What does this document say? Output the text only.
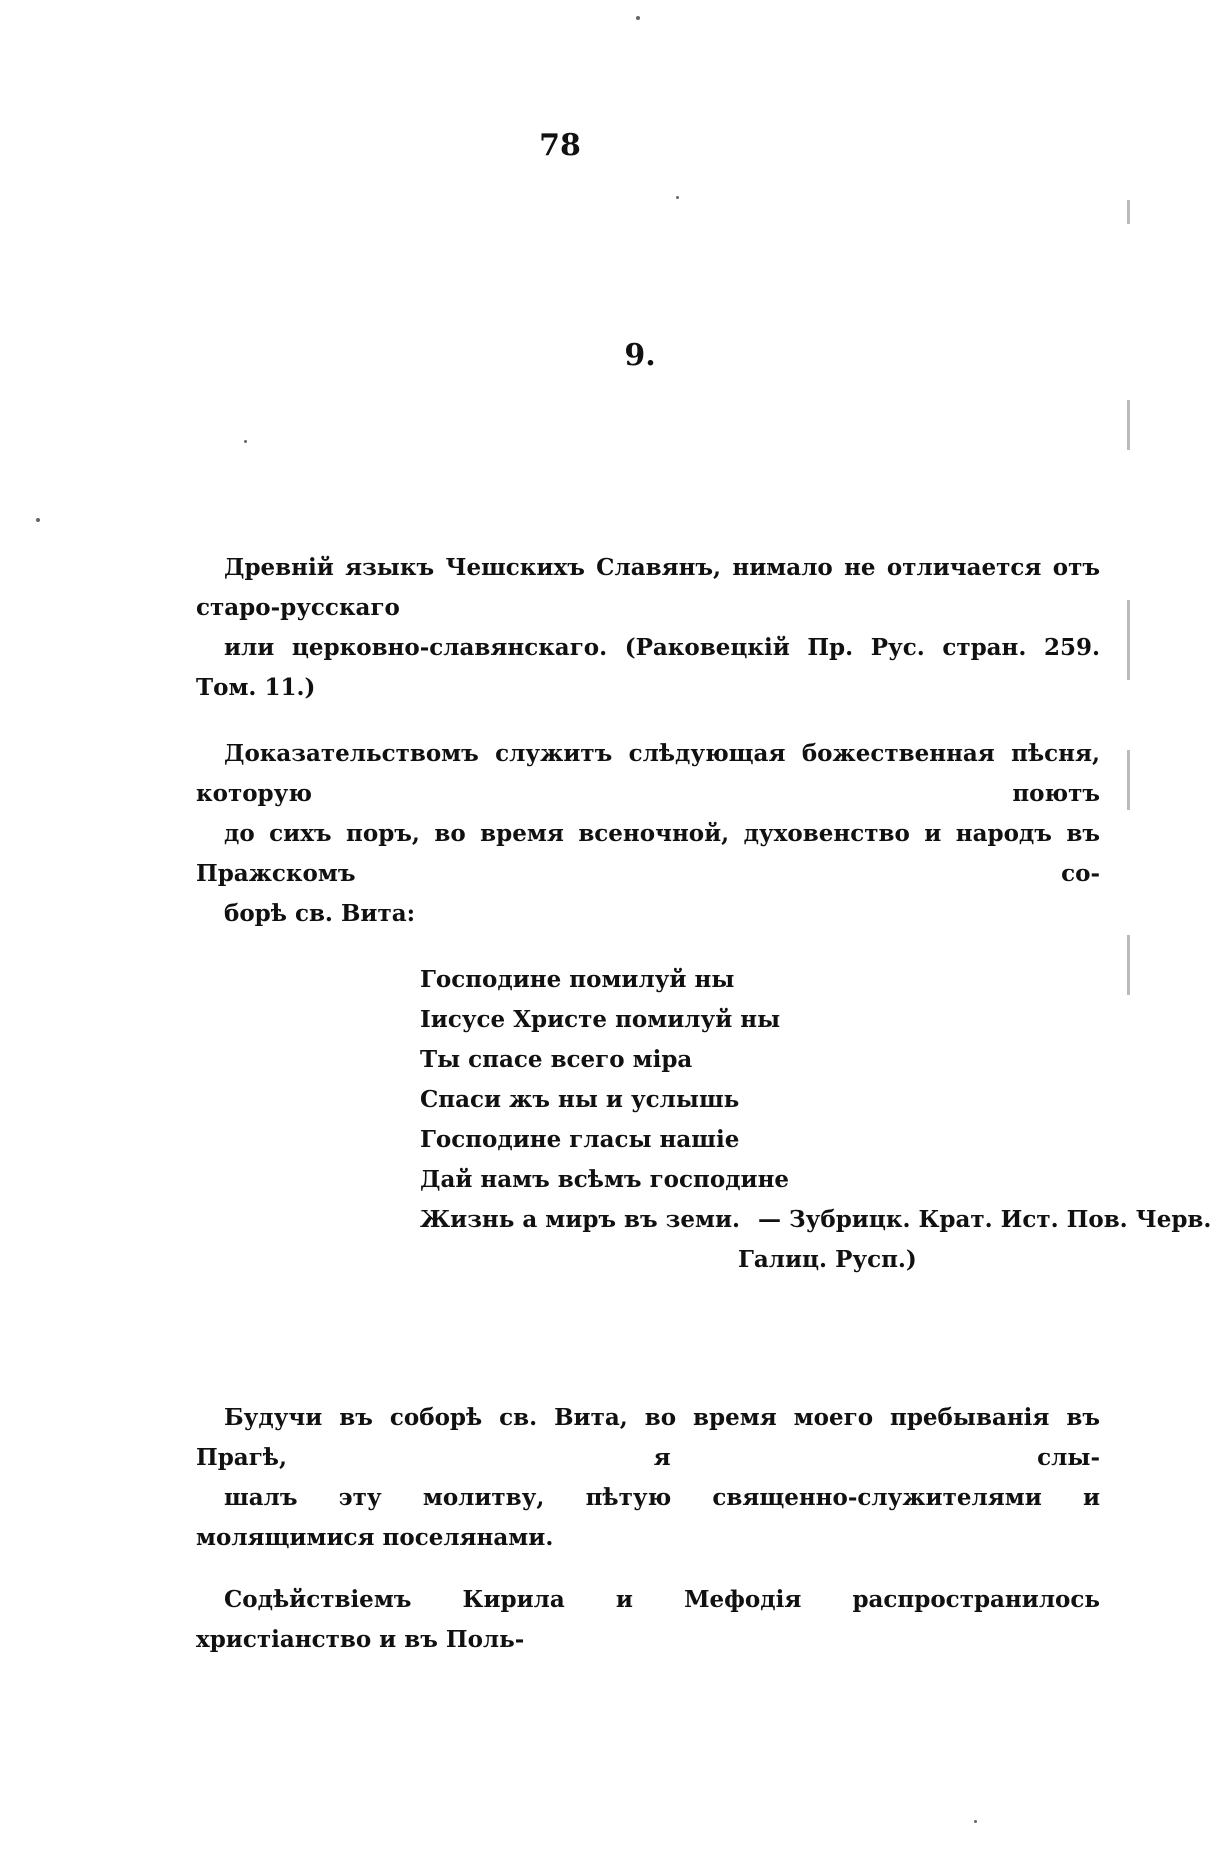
78
9.

Древній языкъ Чешскихъ Славянъ, нимало не отличается отъ старо-русскаго
или церковно-славянскаго. (Раковецкій Пр. Рус. стран. 259. Том. 11.)

Доказательствомъ служитъ слѣдующая божественная пѣсня, которую поютъ
до сихъ поръ, во время всеночной, духовенство и народъ въ Пражскомъ со-
борѣ св. Вита:

Господине помилуй ны
Іисусе Христе помилуй ны
Ты спасе всего міра
Спаси жъ ны и услышь
Господине гласы нашіе
Дай намъ всѣмъ господине
Жизнь а миръ въ земи. — Зубрицк. Крат. Ист. Пов. Черв.
Галиц. Русп.)

Будучи въ соборѣ св. Вита, во время моего пребыванія въ Прагѣ, я слы-
шалъ эту молитву, пѣтую священно-служителями и молящимися поселянами.

Содѣйствіемъ Кирила и Мефодія распространилось христіанство и въ Поль-
